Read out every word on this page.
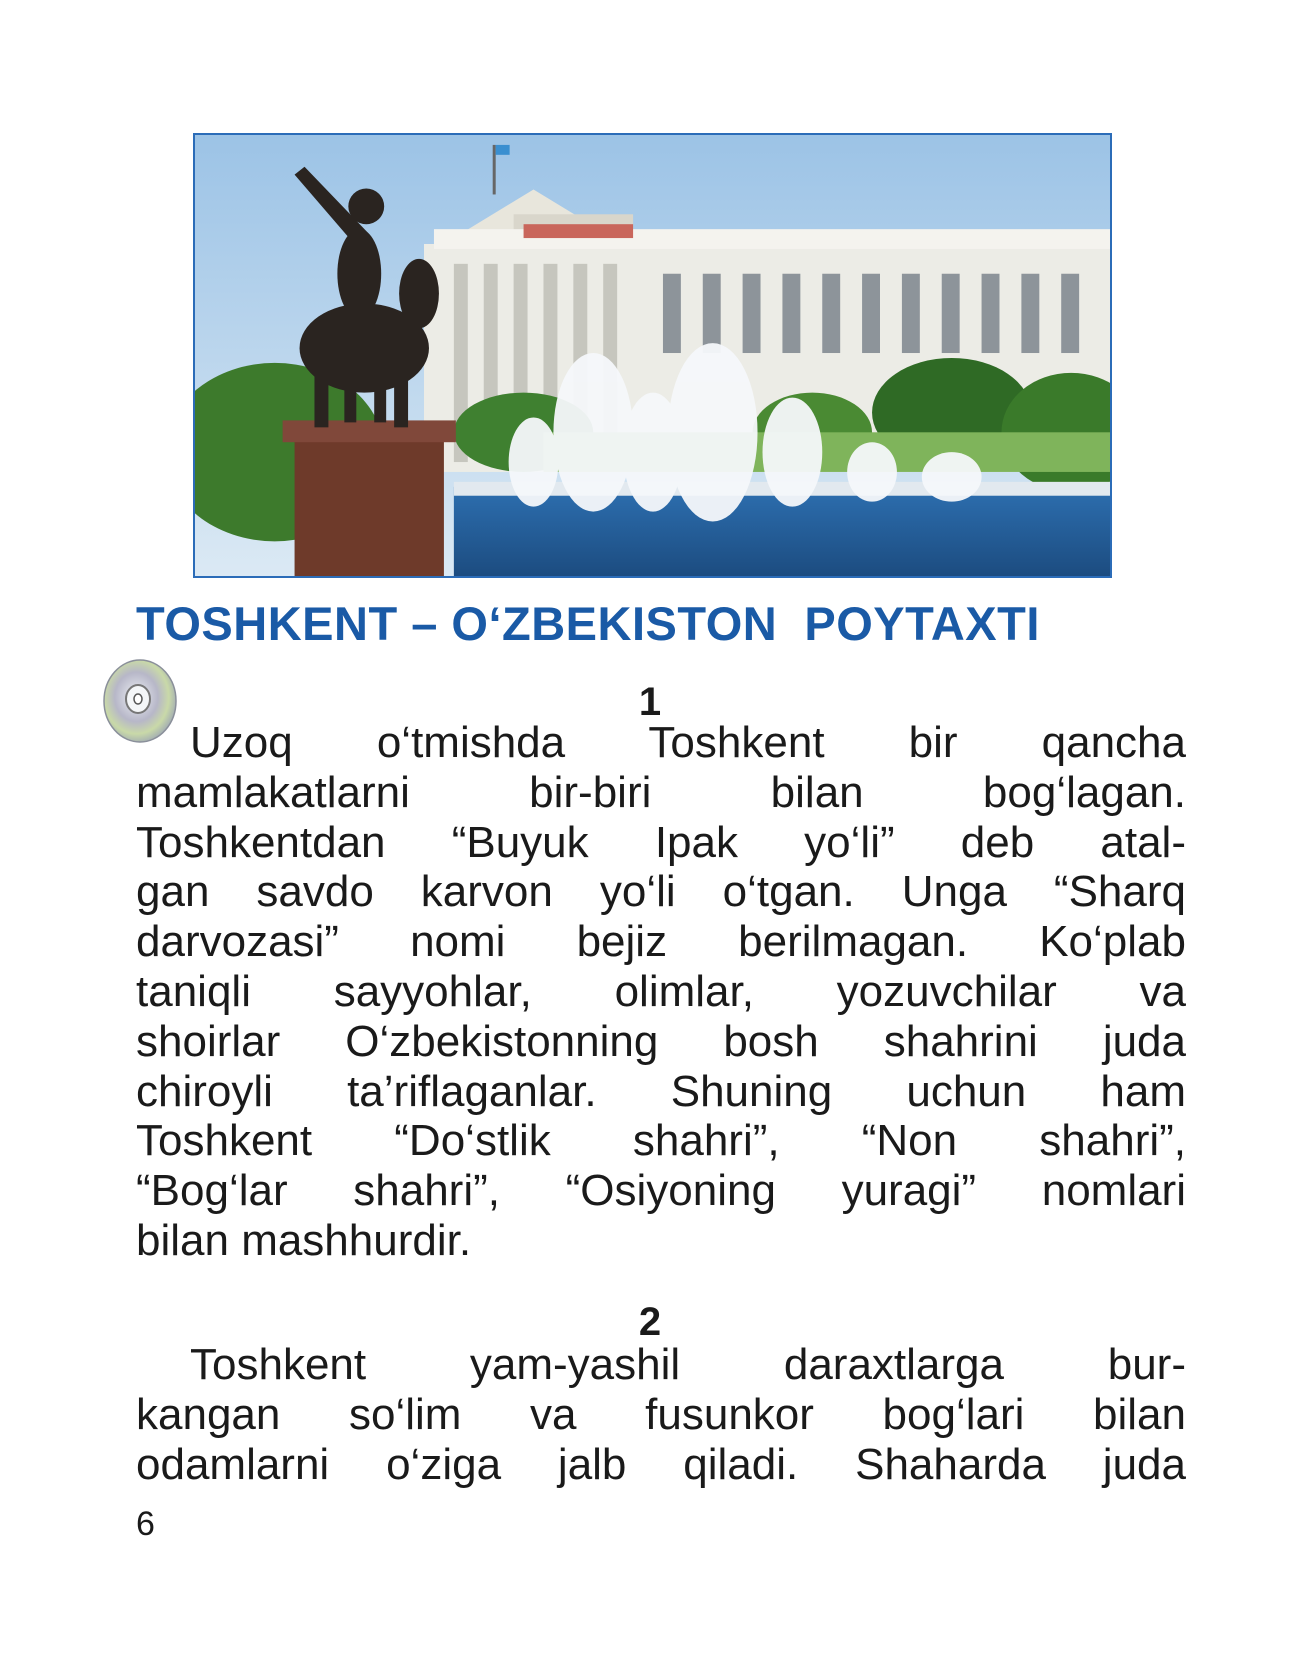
TOSHKENT – O‘ZBEKISTON  POYTAXTI
1
Uzoq o‘tmishda Toshkent bir qancha
mamlakatlarni bir-biri bilan bog‘lagan.
Toshkentdan “Buyuk Ipak yo‘li” deb atal-
gan savdo karvon yo‘li o‘tgan. Unga “Sharq
darvozasi” nomi bejiz berilmagan. Ko‘plab
taniqli sayyohlar, olimlar, yozuvchilar va
shoirlar O‘zbekistonning bosh shahrini juda
chiroyli ta’riflaganlar. Shuning uchun ham
Toshkent “Do‘stlik shahri”, “Non shahri”,
“Bog‘lar shahri”, “Osiyoning yuragi” nomlari
bilan mashhurdir.
2
Toshkent yam-yashil daraxtlarga bur-
kangan so‘lim va fusunkor bog‘lari bilan
odamlarni o‘ziga jalb qiladi. Shaharda juda
6
